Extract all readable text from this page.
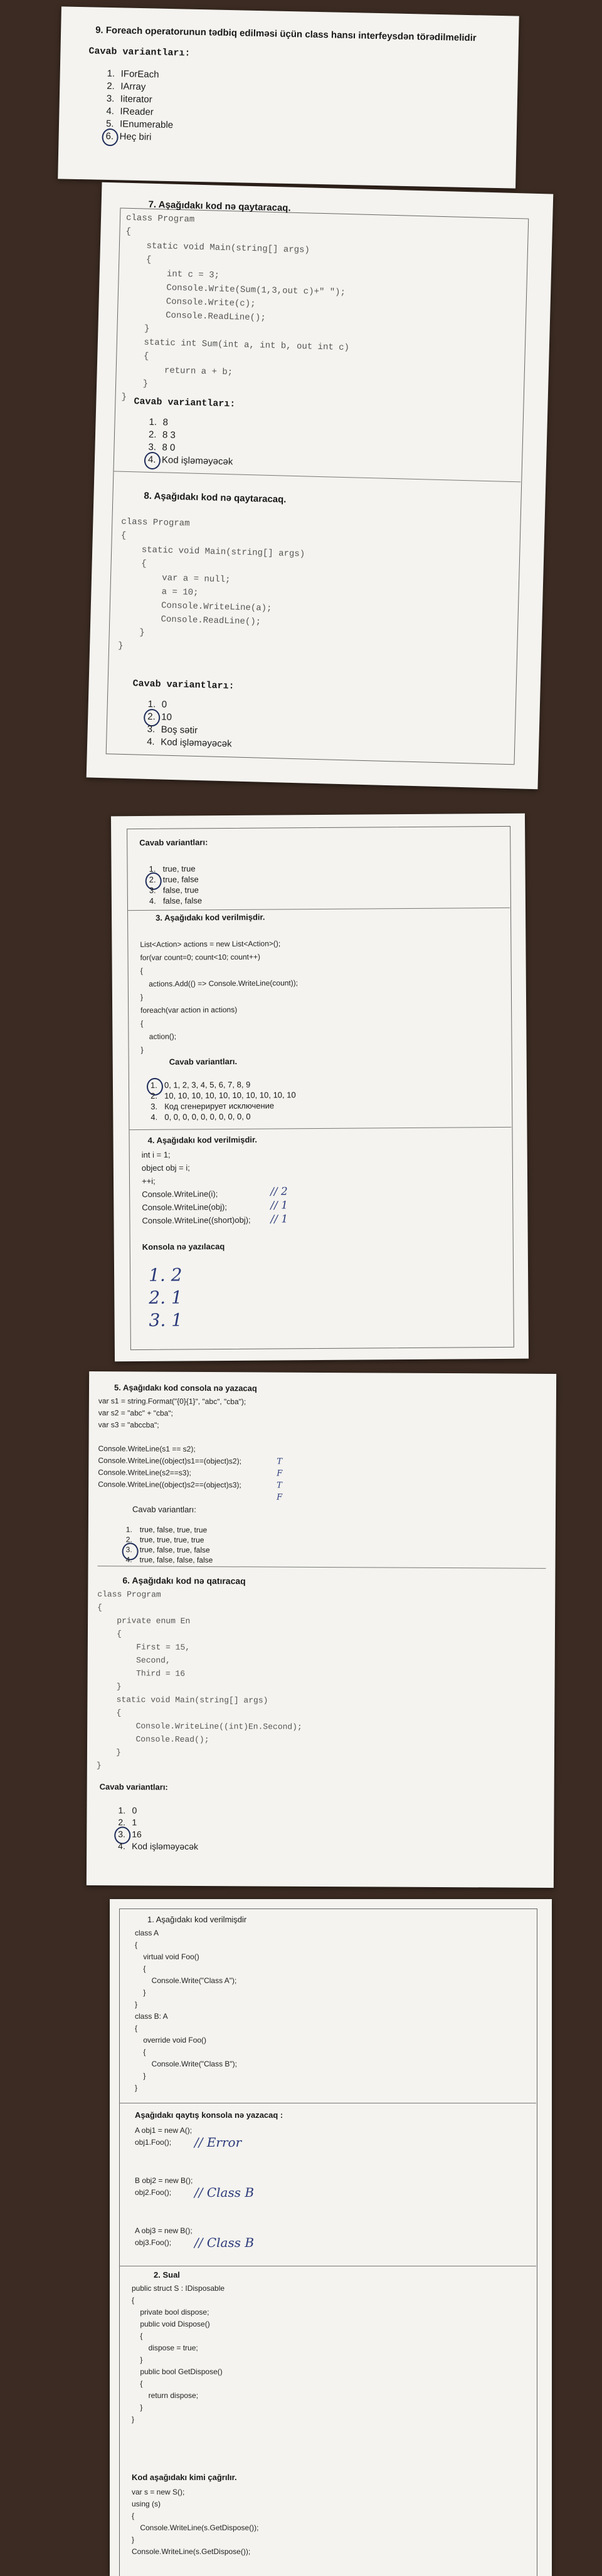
9. Foreach operatorunun tədbiq edilməsi üçün class hansı interfeysdən törədilmelidir
Cavab variantları:
1. IForEach
2. IArray
3. Iiterator
4. IReader
5. IEnumerable
6. Heç biri
7. Aşağıdakı kod nə qaytaracaq.
class Program
{
static void Main(string[] args)
{
int c = 3;
Console.Write(Sum(1,3,out c)+" ");
Console.Write(c);
Console.ReadLine();
}
static int Sum(int a, int b, out int c)
{
return a + b;
}
} Cavab variantları:
1. 8
2. 8 3
3. 8 0
4. Kod işləməyəcək
8. Aşağıdakı kod nə qaytaracaq.
class Program
{
static void Main(string[] args)
{
var a = null;
a = 10;
Console.WriteLine(a);
Console.ReadLine();
}
}
Cavab variantları:
1. 0
2. 10
3. Boş sətir
4. Kod işləməyəcək
Cavab variantları:
1. true, true
2. true, false
3. false, true
4. false, false
3. Aşağıdakı kod verilmişdir.
List<Action> actions = new List<Action>();
for(var count=0; count<10; count++)
{
actions.Add(() => Console.WriteLine(count));
}
foreach(var action in actions)
{
action();
}
Cavab variantları.
1. 0, 1, 2, 3, 4, 5, 6, 7, 8, 9
2. 10, 10, 10, 10, 10, 10, 10, 10, 10, 10
3. Код сгенерирует исключение
4. 0, 0, 0, 0, 0, 0, 0, 0, 0, 0
4. Aşağıdakı kod verilmişdir.
int i = 1;
object obj = i;
++i;
Console.WriteLine(i);
Console.WriteLine(obj);
Console.WriteLine((short)obj);
// 2
// 1
// 1
Konsola nə yazılacaq
1. 2
2. 1
3. 1
5. Aşağıdakı kod consola nə yazacaq
var s1 = string.Format("{0}{1}", "abc", "cba");
var s2 = "abc" + "cba";
var s3 = "abccba";

Console.WriteLine(s1 == s2);
Console.WriteLine((object)s1==(object)s2);
Console.WriteLine(s2==s3);
Console.WriteLine((object)s2==(object)s3);
T
F
T
F
Cavab variantları:
1. true, false, true, true
2. true, true, true, true
3. true, false, true, false
4. true, false, false, false
6. Aşağıdakı kod nə qatıracaq
class Program
{
private enum En
{
First = 15,
Second,
Third = 16
}
static void Main(string[] args)
{
Console.WriteLine((int)En.Second);
Console.Read();
}
}
Cavab variantları:
1. 0
2. 1
3. 16
4. Kod işləməyəcək
1. Aşağıdakı kod verilmişdir
class A
{
virtual void Foo()
{
Console.Write("Class A");
}
}
class B: A
{
override void Foo()
{
Console.Write("Class B");
}
}
Aşağıdakı qaytış konsola nə yazacaq :
A obj1 = new A();
obj1.Foo();	// Error
B obj2 = new B();
obj2.Foo();	// Class B
A obj3 = new B();
obj3.Foo();	// Class B
2. Sual
public struct S : IDisposable
{
private bool dispose;
public void Dispose()
{
dispose = true;
}
public bool GetDispose()
{
return dispose;
}
}
Kod aşağıdakı kimi çağrılır.
var s = new S();
using (s)
{
Console.WriteLine(s.GetDispose());
}
Console.WriteLine(s.GetDispose());
